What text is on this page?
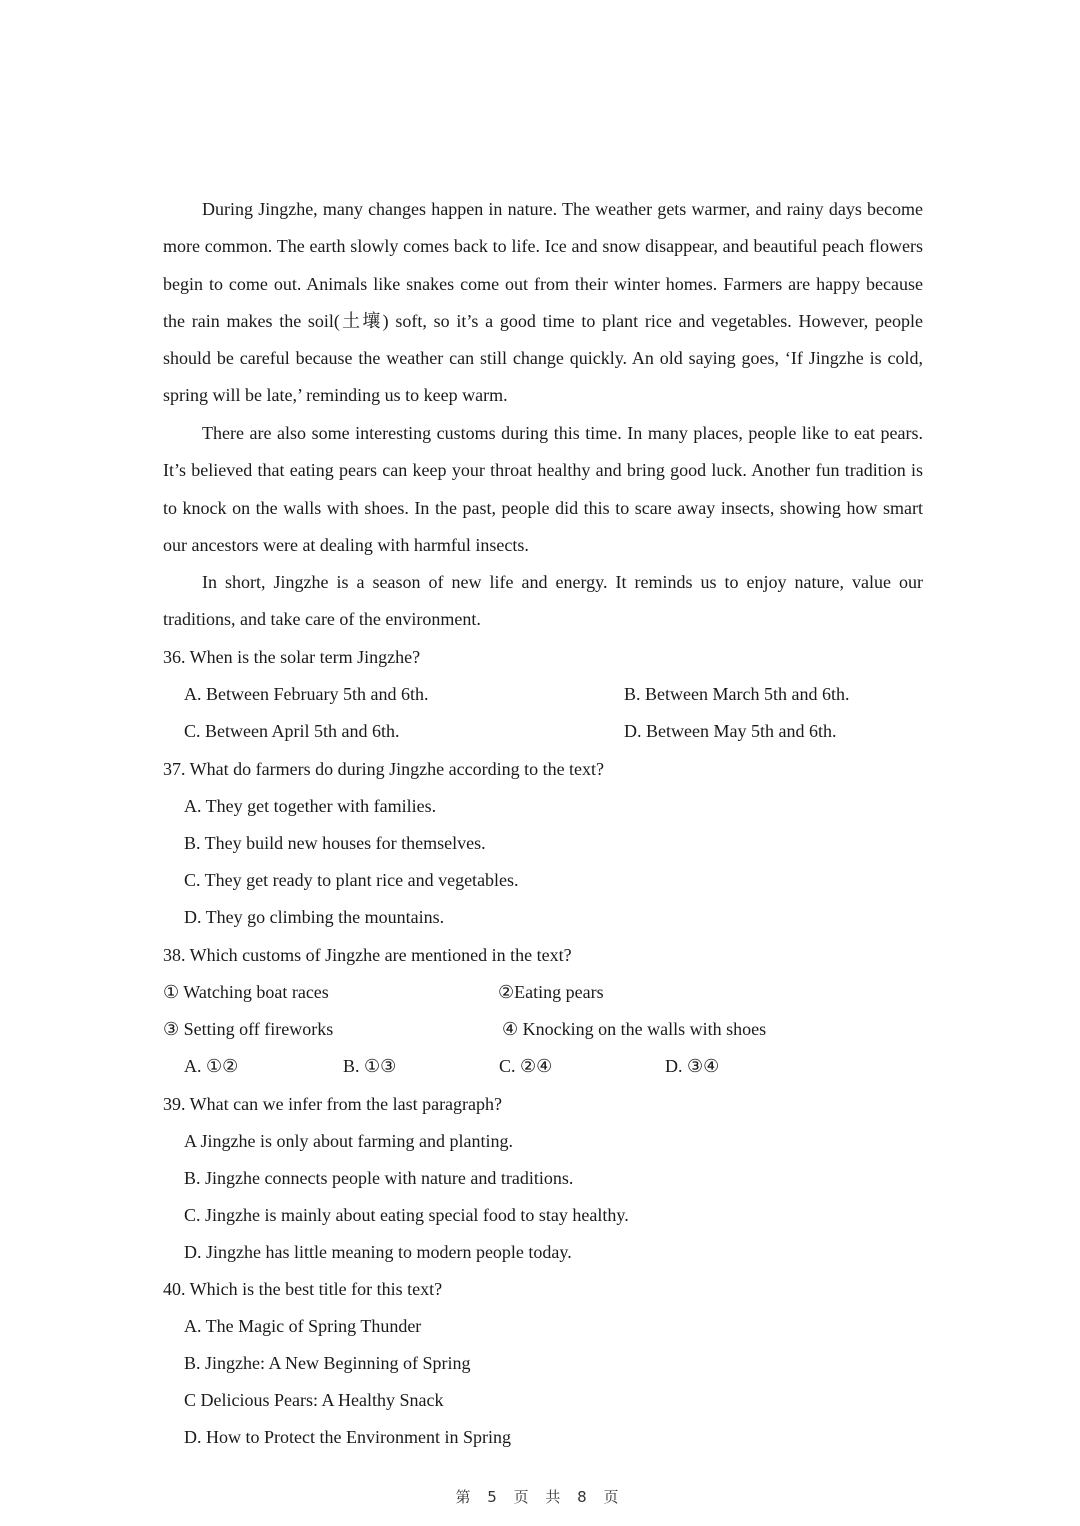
During Jingzhe, many changes happen in nature. The weather gets warmer, and rainy days become more common. The earth slowly comes back to life. Ice and snow disappear, and beautiful peach flowers begin to come out. Animals like snakes come out from their winter homes. Farmers are happy because the rain makes the soil(土壤) soft, so it’s a good time to plant rice and vegetables. However, people should be careful because the weather can still change quickly. An old saying goes, ‘If Jingzhe is cold, spring will be late,’ reminding us to keep warm.

There are also some interesting customs during this time. In many places, people like to eat pears. It’s believed that eating pears can keep your throat healthy and bring good luck. Another fun tradition is to knock on the walls with shoes. In the past, people did this to scare away insects, showing how smart our ancestors were at dealing with harmful insects.

In short, Jingzhe is a season of new life and energy. It reminds us to enjoy nature, value our traditions, and take care of the environment.

36. When is the solar term Jingzhe?
A. Between February 5th and 6th.	B. Between March 5th and 6th.
C. Between April 5th and 6th.	D. Between May 5th and 6th.
37. What do farmers do during Jingzhe according to the text?
A. They get together with families.
B. They build new houses for themselves.
C. They get ready to plant rice and vegetables.
D. They go climbing the mountains.
38. Which customs of Jingzhe are mentioned in the text?
① Watching boat races	②Eating pears
③ Setting off fireworks	④ Knocking on the walls with shoes
A. ①②	B. ①③	C. ②④	D. ③④
39. What can we infer from the last paragraph?
A Jingzhe is only about farming and planting.
B. Jingzhe connects people with nature and traditions.
C. Jingzhe is mainly about eating special food to stay healthy.
D. Jingzhe has little meaning to modern people today.
40. Which is the best title for this text?
A. The Magic of Spring Thunder
B. Jingzhe: A New Beginning of Spring
C Delicious Pears: A Healthy Snack
D. How to Protect the Environment in Spring
第 5 页 共 8 页
